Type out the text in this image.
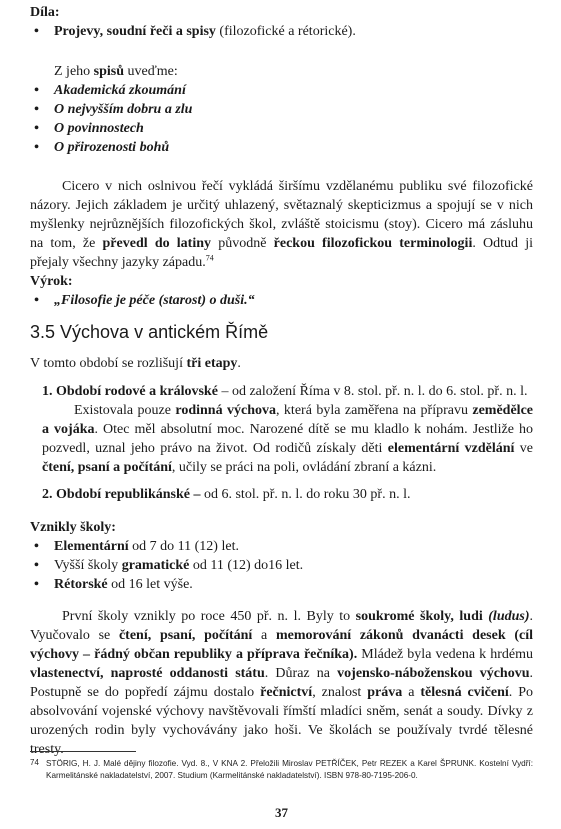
Díla:

• Projevy, soudní řeči a spisy (filozofické a rétorické).

Z jeho spisů uveďme:

• Akademická zkoumání
• O nejvyšším dobru a zlu
• O povinnostech
• O přirozenosti bohů

Cicero v nich oslnivou řečí vykládá širšímu vzdělanému publiku své filozofické názory. Jejich základem je určitý uhlazený, světaznalý skepticizmus a spojují se v nich myšlenky nejrůznějších filozofických škol, zvláště stoicismu (stoy). Cicero má zásluhu na tom, že převedl do latiny původně řeckou filozofickou terminologii. Odtud ji přejaly všechny jazyky západu.$^{74}$

Výrok:

• „Filosofie je péče (starost) o duši.“

3.5 Výchova v antickém Římě

V tomto období se rozlišují tři etapy.

1. Období rodové a královské – od založení Říma v 8. stol. př. n. l. do 6. stol. př. n. l.

Existovala pouze rodinná výchova, která byla zaměřena na přípravu zemědělce a vojáka. Otec měl absolutní moc. Narozené dítě se mu kladlo k nohám. Jestliže ho pozvedl, uznal jeho právo na život. Od rodičů získaly děti elementární vzdělání ve čtení, psaní a počítání, učily se práci na poli, ovládání zbraní a kázni.

2. Období republikánské – od 6. stol. př. n. l. do roku 30 př. n. l.

Vznikly školy:

• Elementární od 7 do 11 (12) let.
• Vyšší školy gramatické od 11 (12) do16 let.
• Rétorské od 16 let výše.

První školy vznikly po roce 450 př. n. l. Byly to soukromé školy, ludi (ludus). Vyučovalo se čtení, psaní, počítání a memorování zákonů dvanácti desek (cíl výchovy – řádný občan republiky a příprava řečníka). Mládež byla vedena k hrdému vlastenectví, naprosté oddanosti státu. Důraz na vojensko-náboženskou výchovu. Postupně se do popředí zájmu dostalo řečnictví, znalost práva a tělesná cvičení. Po absolvování vojenské výchovy navštěvovali římští mladíci sněm, senát a soudy. Dívky z urozených rodin byly vychovávány jako hoši. Ve školách se používaly tvrdé tělesné tresty.

74 STÖRIG, H. J. Malé dějiny filozofie. Vyd. 8., V KNA 2. Přeložili Miroslav PETŘÍČEK, Petr REZEK a Karel ŠPRUNK. Kostelní Vydří: Karmelitánské nakladatelství, 2007. Studium (Karmelitánské nakladatelství). ISBN 978-80-7195-206-0.

37
